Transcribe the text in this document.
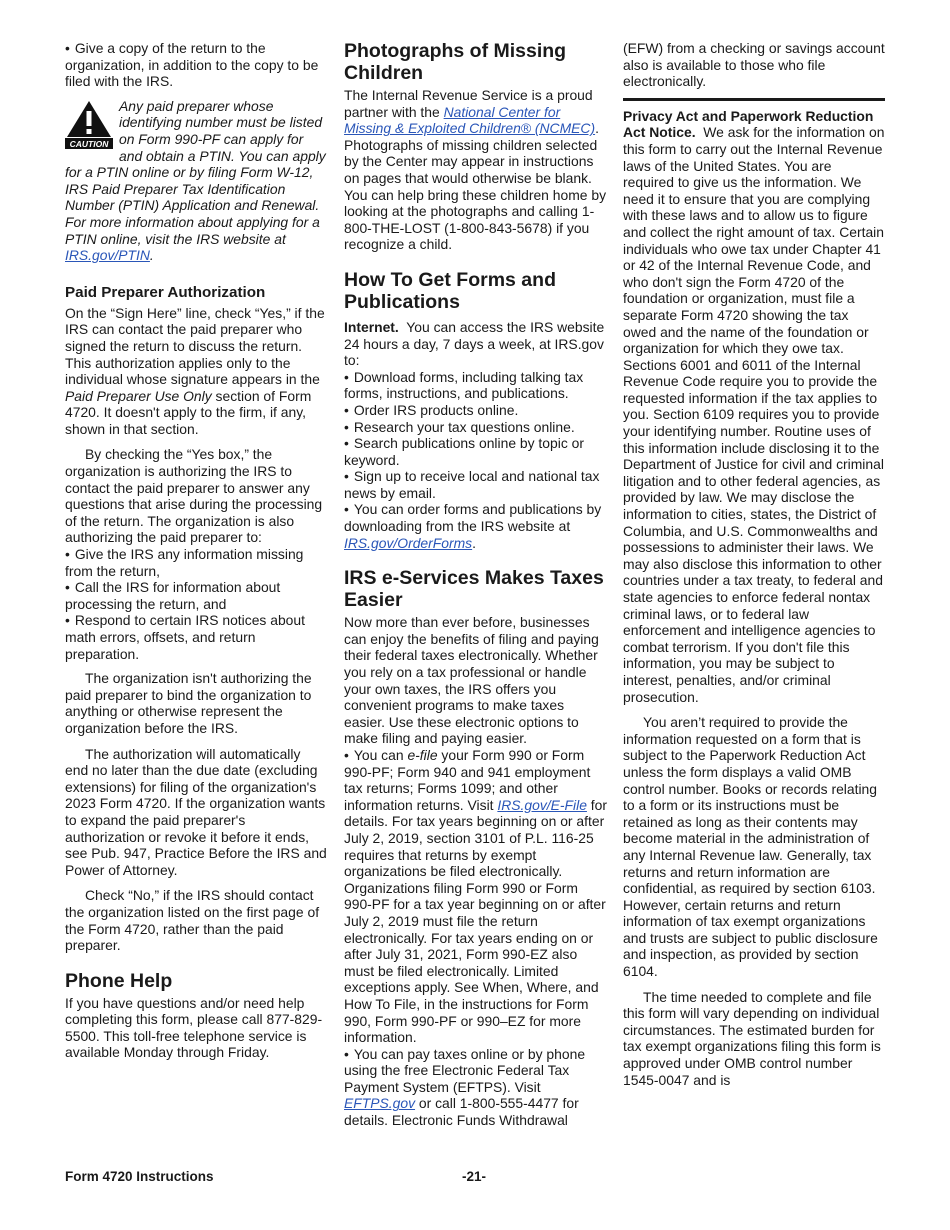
• Give a copy of the return to the organization, in addition to the copy to be filed with the IRS.

CAUTION
Any paid preparer whose identifying number must be listed on Form 990-PF can apply for and obtain a PTIN. You can apply for a PTIN online or by filing Form W-12, IRS Paid Preparer Tax Identification Number (PTIN) Application and Renewal. For more information about applying for a PTIN online, visit the IRS website at IRS.gov/PTIN.
Paid Preparer Authorization

On the “Sign Here” line, check “Yes,” if the IRS can contact the paid preparer who signed the return to discuss the return. This authorization applies only to the individual whose signature appears in the Paid Preparer Use Only section of Form 4720. It doesn't apply to the firm, if any, shown in that section.

By checking the “Yes box,” the organization is authorizing the IRS to contact the paid preparer to answer any questions that arise during the processing of the return. The organization is also authorizing the paid preparer to:

• Give the IRS any information missing from the return,

• Call the IRS for information about processing the return, and

• Respond to certain IRS notices about math errors, offsets, and return preparation.

The organization isn't authorizing the paid preparer to bind the organization to anything or otherwise represent the organization before the IRS.

The authorization will automatically end no later than the due date (excluding extensions) for filing of the organization's 2023 Form 4720. If the organization wants to expand the paid preparer's authorization or revoke it before it ends, see Pub. 947, Practice Before the IRS and Power of Attorney.

Check “No,” if the IRS should contact the organization listed on the first page of the Form 4720, rather than the paid preparer.

Phone Help

If you have questions and/or need help completing this form, please call 877-829-5500. This toll-free telephone service is available Monday through Friday.

Photographs of Missing Children

The Internal Revenue Service is a proud partner with the National Center for Missing & Exploited Children® (NCMEC). Photographs of missing children selected by the Center may appear in instructions on pages that would otherwise be blank. You can help bring these children home by looking at the photographs and calling 1-800-THE-LOST (1-800-843-5678) if you recognize a child.

How To Get Forms and Publications

Internet. You can access the IRS website 24 hours a day, 7 days a week, at IRS.gov to:

• Download forms, including talking tax forms, instructions, and publications.

• Order IRS products online.

• Research your tax questions online.

• Search publications online by topic or keyword.

• Sign up to receive local and national tax news by email.

• You can order forms and publications by downloading from the IRS website at IRS.gov/OrderForms.

IRS e-Services Makes Taxes Easier

Now more than ever before, businesses can enjoy the benefits of filing and paying their federal taxes electronically. Whether you rely on a tax professional or handle your own taxes, the IRS offers you convenient programs to make taxes easier. Use these electronic options to make filing and paying easier.

• You can e-file your Form 990 or Form 990-PF; Form 940 and 941 employment tax returns; Forms 1099; and other information returns. Visit IRS.gov/E-File for details. For tax years beginning on or after July 2, 2019, section 3101 of P.L. 116-25 requires that returns by exempt organizations be filed electronically. Organizations filing Form 990 or Form 990-PF for a tax year beginning on or after July 2, 2019 must file the return electronically. For tax years ending on or after July 31, 2021, Form 990-EZ also must be filed electronically. Limited exceptions apply. See When, Where, and How To File, in the instructions for Form 990, Form 990-PF or 990–EZ for more information.

• You can pay taxes online or by phone using the free Electronic Federal Tax Payment System (EFTPS). Visit EFTPS.gov or call 1-800-555-4477 for details. Electronic Funds Withdrawal

(EFW) from a checking or savings account also is available to those who file electronically.

Privacy Act and Paperwork Reduction Act Notice. We ask for the information on this form to carry out the Internal Revenue laws of the United States. You are required to give us the information. We need it to ensure that you are complying with these laws and to allow us to figure and collect the right amount of tax. Certain individuals who owe tax under Chapter 41 or 42 of the Internal Revenue Code, and who don't sign the Form 4720 of the foundation or organization, must file a separate Form 4720 showing the tax owed and the name of the foundation or organization for which they owe tax. Sections 6001 and 6011 of the Internal Revenue Code require you to provide the requested information if the tax applies to you. Section 6109 requires you to provide your identifying number. Routine uses of this information include disclosing it to the Department of Justice for civil and criminal litigation and to other federal agencies, as provided by law. We may disclose the information to cities, states, the District of Columbia, and U.S. Commonwealths and possessions to administer their laws. We may also disclose this information to other countries under a tax treaty, to federal and state agencies to enforce federal nontax criminal laws, or to federal law enforcement and intelligence agencies to combat terrorism. If you don't file this information, you may be subject to interest, penalties, and/or criminal prosecution.

You aren’t required to provide the information requested on a form that is subject to the Paperwork Reduction Act unless the form displays a valid OMB control number. Books or records relating to a form or its instructions must be retained as long as their contents may become material in the administration of any Internal Revenue law. Generally, tax returns and return information are confidential, as required by section 6103. However, certain returns and return information of tax exempt organizations and trusts are subject to public disclosure and inspection, as provided by section 6104.

The time needed to complete and file this form will vary depending on individual circumstances. The estimated burden for tax exempt organizations filing this form is approved under OMB control number 1545-0047 and is

Form 4720 Instructions	-21-
